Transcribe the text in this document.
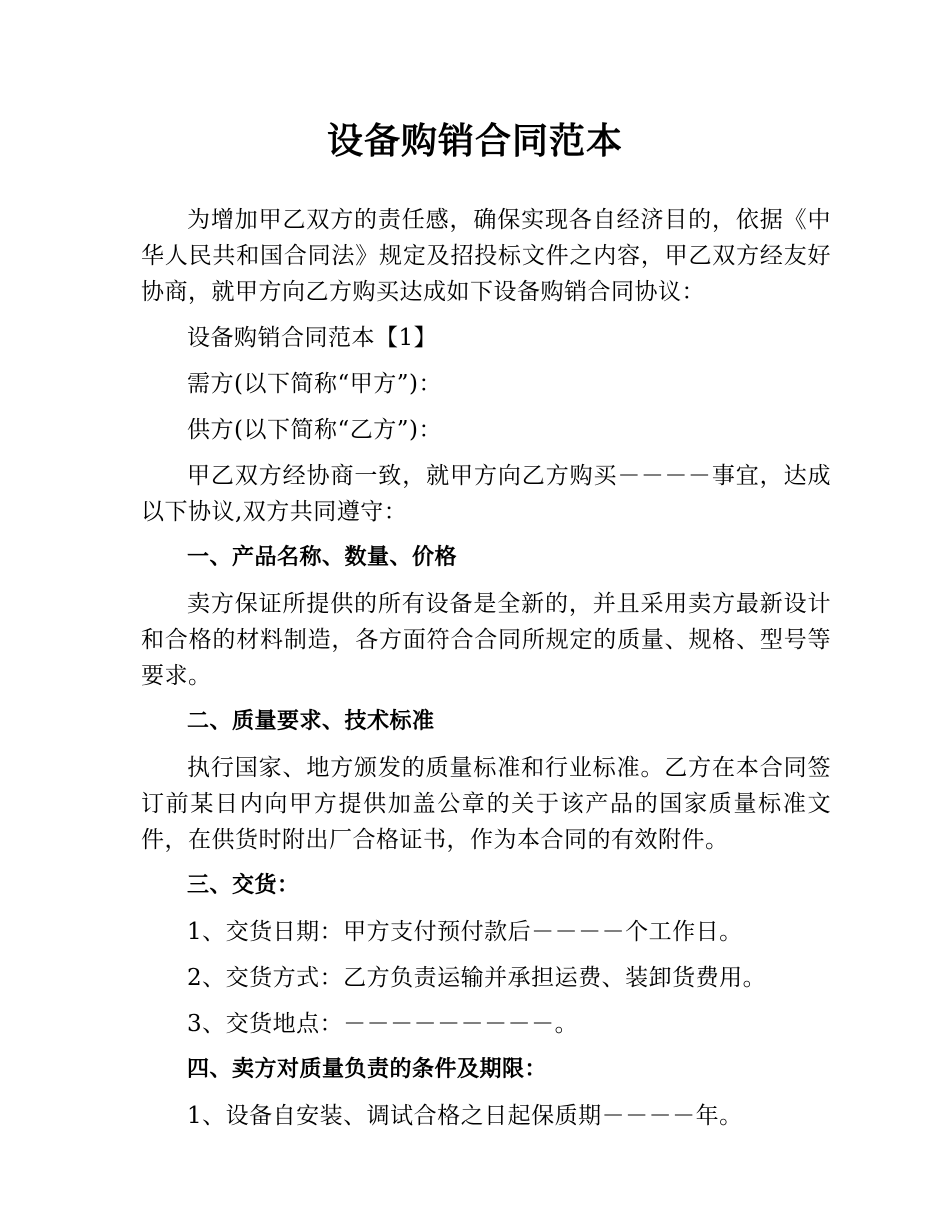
设备购销合同范本

为增加甲乙双方的责任感，确保实现各自经济目的，依据《中华人民共和国合同法》规定及招投标文件之内容，甲乙双方经友好协商，就甲方向乙方购买达成如下设备购销合同协议：

设备购销合同范本【1】

需方(以下简称“甲方”)：

供方(以下简称“乙方”)：

甲乙双方经协商一致，就甲方向乙方购买－－－－事宜，达成以下协议,双方共同遵守：

一、产品名称、数量、价格

卖方保证所提供的所有设备是全新的，并且采用卖方最新设计和合格的材料制造，各方面符合合同所规定的质量、规格、型号等要求。

二、质量要求、技术标准

执行国家、地方颁发的质量标准和行业标准。乙方在本合同签订前某日内向甲方提供加盖公章的关于该产品的国家质量标准文件，在供货时附出厂合格证书，作为本合同的有效附件。

三、交货：

1、交货日期：甲方支付预付款后－－－－个工作日。

2、交货方式：乙方负责运输并承担运费、装卸货费用。

3、交货地点：－－－－－－－－－。

四、卖方对质量负责的条件及期限：

1、设备自安装、调试合格之日起保质期－－－－年。
